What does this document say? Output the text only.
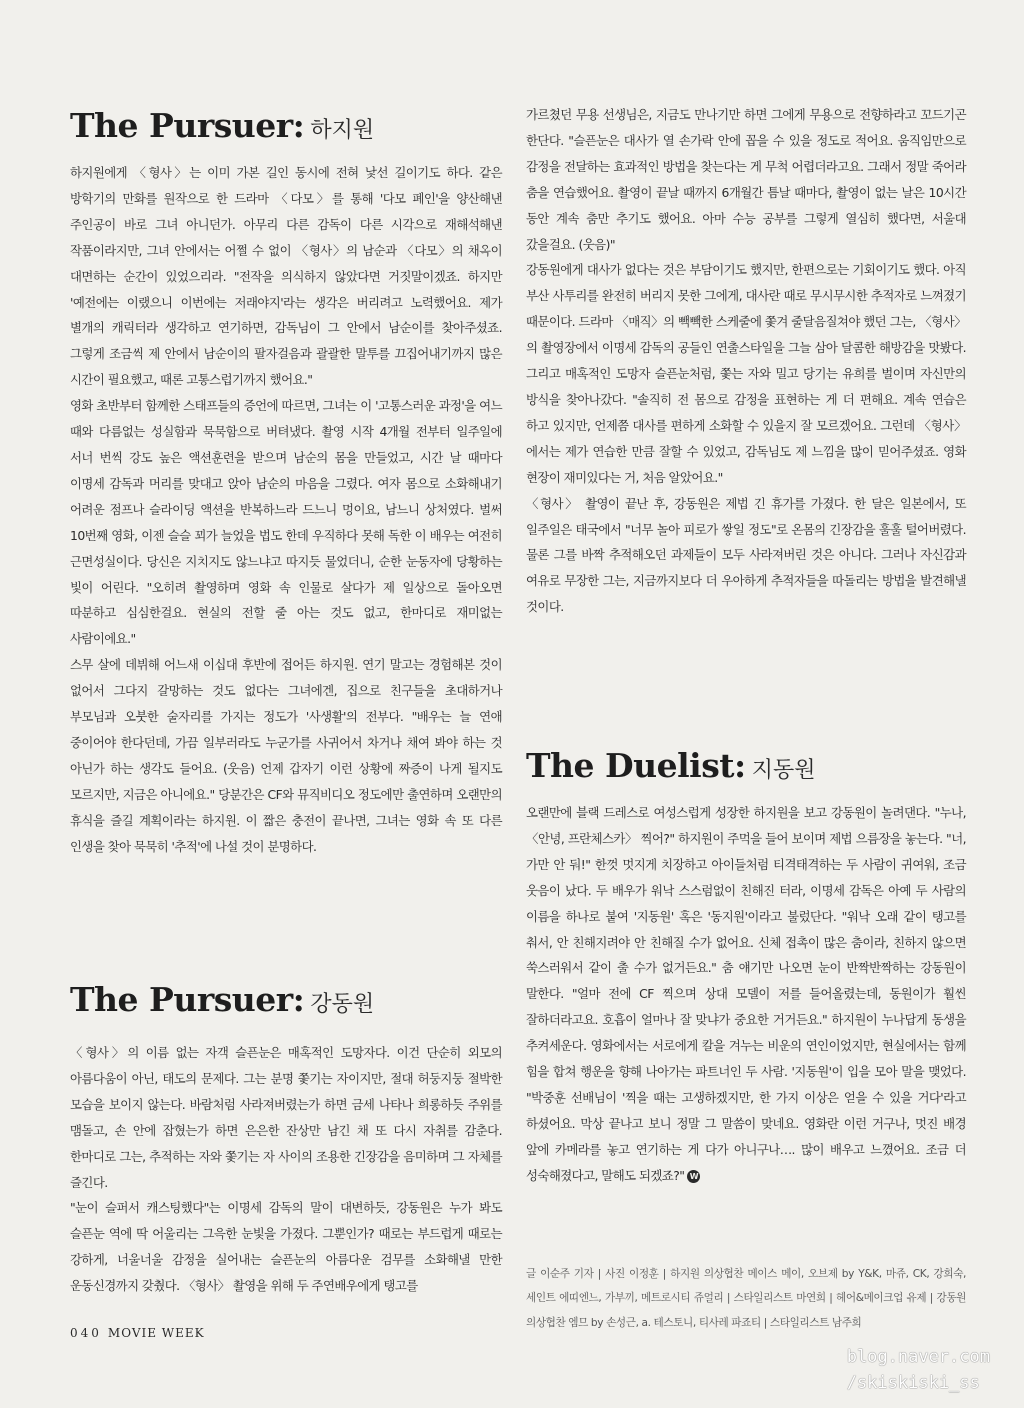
The Pursuer: 하지원

하지원에게 〈형사〉는 이미 가본 길인 동시에 전혀 낯선 길이기도 하다. 같은 방학기의 만화를 원작으로 한 드라마 〈다모〉를 통해 '다모 폐인'을 양산해낸 주인공이 바로 그녀 아니던가. 아무리 다른 감독이 다른 시각으로 재해석해낸 작품이라지만, 그녀 안에서는 어쩔 수 없이 〈형사〉의 남순과 〈다모〉의 채옥이 대면하는 순간이 있었으리라. "전작을 의식하지 않았다면 거짓말이겠죠. 하지만 '예전에는 이랬으니 이번에는 저래야지'라는 생각은 버리려고 노력했어요. 제가 별개의 캐릭터라 생각하고 연기하면, 감독님이 그 안에서 남순이를 찾아주셨죠. 그렇게 조금씩 제 안에서 남순이의 팔자걸음과 괄괄한 말투를 끄집어내기까지 많은 시간이 필요했고, 때론 고통스럽기까지 했어요."

영화 초반부터 함께한 스태프들의 증언에 따르면, 그녀는 이 '고통스러운 과정'을 여느 때와 다름없는 성실함과 묵묵함으로 버텨냈다. 촬영 시작 4개월 전부터 일주일에 서너 번씩 강도 높은 액션훈련을 받으며 남순의 몸을 만들었고, 시간 날 때마다 이명세 감독과 머리를 맞대고 앉아 남순의 마음을 그렸다. 여자 몸으로 소화해내기 어려운 점프나 슬라이딩 액션을 반복하느라 드느니 멍이요, 남느니 상처였다. 벌써 10번째 영화, 이젠 슬슬 꾀가 늘었을 법도 한데 우직하다 못해 독한 이 배우는 여전히 근면성실이다. 당신은 지치지도 않느냐고 따지듯 물었더니, 순한 눈동자에 당황하는 빛이 어린다. "오히려 촬영하며 영화 속 인물로 살다가 제 일상으로 돌아오면 따분하고 심심한걸요. 현실의 전할 줄 아는 것도 없고, 한마디로 재미없는 사람이에요."

스무 살에 데뷔해 어느새 이십대 후반에 접어든 하지원. 연기 말고는 경험해본 것이 없어서 그다지 갈망하는 것도 없다는 그녀에겐, 집으로 친구들을 초대하거나 부모님과 오붓한 술자리를 가지는 정도가 '사생활'의 전부다. "배우는 늘 연애 중이어야 한다던데, 가끔 일부러라도 누군가를 사귀어서 차거나 채여 봐야 하는 것 아닌가 하는 생각도 들어요. (웃음) 언제 갑자기 이런 상황에 짜증이 나게 될지도 모르지만, 지금은 아니에요." 당분간은 CF와 뮤직비디오 정도에만 출연하며 오랜만의 휴식을 즐길 계획이라는 하지원. 이 짧은 충전이 끝나면, 그녀는 영화 속 또 다른 인생을 찾아 묵묵히 '추적'에 나설 것이 분명하다.

The Pursuer: 강동원

〈형사〉의 이름 없는 자객 슬픈눈은 매혹적인 도망자다. 이건 단순히 외모의 아름다움이 아닌, 태도의 문제다. 그는 분명 쫓기는 자이지만, 절대 허둥지둥 절박한 모습을 보이지 않는다. 바람처럼 사라져버렸는가 하면 금세 나타나 희롱하듯 주위를 맴돌고, 손 안에 잡혔는가 하면 은은한 잔상만 남긴 채 또 다시 자취를 감춘다. 한마디로 그는, 추적하는 자와 쫓기는 자 사이의 조용한 긴장감을 음미하며 그 자체를 즐긴다.

"눈이 슬퍼서 캐스팅했다"는 이명세 감독의 말이 대변하듯, 강동원은 누가 봐도 슬픈눈 역에 딱 어울리는 그윽한 눈빛을 가졌다. 그뿐인가? 때로는 부드럽게 때로는 강하게, 너울너울 감정을 실어내는 슬픈눈의 아름다운 검무를 소화해낼 만한 운동신경까지 갖췄다. 〈형사〉 촬영을 위해 두 주연배우에게 탱고를

040 MOVIE WEEK

가르쳤던 무용 선생님은, 지금도 만나기만 하면 그에게 무용으로 전향하라고 꼬드기곤 한단다. "슬픈눈은 대사가 열 손가락 안에 꼽을 수 있을 정도로 적어요. 움직임만으로 감정을 전달하는 효과적인 방법을 찾는다는 게 무척 어렵더라고요. 그래서 정말 죽어라 춤을 연습했어요. 촬영이 끝날 때까지 6개월간 틈날 때마다, 촬영이 없는 날은 10시간 동안 계속 춤만 추기도 했어요. 아마 수능 공부를 그렇게 열심히 했다면, 서울대 갔을걸요. (웃음)"

강동원에게 대사가 없다는 것은 부담이기도 했지만, 한편으로는 기회이기도 했다. 아직 부산 사투리를 완전히 버리지 못한 그에게, 대사란 때로 무시무시한 추적자로 느껴졌기 때문이다. 드라마 〈매직〉의 빽빽한 스케줄에 쫓겨 줄달음질쳐야 했던 그는, 〈형사〉의 촬영장에서 이명세 감독의 공들인 연출스타일을 그늘 삼아 달콤한 해방감을 맛봤다. 그리고 매혹적인 도망자 슬픈눈처럼, 쫓는 자와 밀고 당기는 유희를 벌이며 자신만의 방식을 찾아나갔다. "솔직히 전 몸으로 감정을 표현하는 게 더 편해요. 계속 연습은 하고 있지만, 언제쯤 대사를 편하게 소화할 수 있을지 잘 모르겠어요. 그런데 〈형사〉에서는 제가 연습한 만큼 잘할 수 있었고, 감독님도 제 느낌을 많이 믿어주셨죠. 영화 현장이 재미있다는 거, 처음 알았어요."

〈형사〉 촬영이 끝난 후, 강동원은 제법 긴 휴가를 가졌다. 한 달은 일본에서, 또 일주일은 태국에서 "너무 놀아 피로가 쌓일 정도"로 온몸의 긴장감을 훌훌 털어버렸다. 물론 그를 바짝 추적해오던 과제들이 모두 사라져버린 것은 아니다. 그러나 자신감과 여유로 무장한 그는, 지금까지보다 더 우아하게 추적자들을 따돌리는 방법을 발견해낼 것이다.

The Duelist: 지동원

오랜만에 블랙 드레스로 여성스럽게 성장한 하지원을 보고 강동원이 놀려댄다. "누나, 〈안녕, 프란체스카〉 찍어?" 하지원이 주먹을 들어 보이며 제법 으름장을 놓는다. "너, 가만 안 둬!" 한껏 멋지게 치장하고 아이들처럼 티격태격하는 두 사람이 귀여워, 조금 웃음이 났다. 두 배우가 워낙 스스럼없이 친해진 터라, 이명세 감독은 아예 두 사람의 이름을 하나로 붙여 '지동원' 혹은 '동지원'이라고 불렀단다. "워낙 오래 같이 탱고를 춰서, 안 친해지려야 안 친해질 수가 없어요. 신체 접촉이 많은 춤이라, 친하지 않으면 쑥스러워서 같이 출 수가 없거든요." 춤 얘기만 나오면 눈이 반짝반짝하는 강동원이 말한다. "얼마 전에 CF 찍으며 상대 모델이 저를 들어올렸는데, 동원이가 훨씬 잘하더라고요. 호흡이 얼마나 잘 맞냐가 중요한 거거든요." 하지원이 누나답게 동생을 추켜세운다. 영화에서는 서로에게 칼을 겨누는 비운의 연인이었지만, 현실에서는 함께 힘을 합쳐 행운을 향해 나아가는 파트너인 두 사람. '지동원'이 입을 모아 말을 맺었다. "박중훈 선배님이 '찍을 때는 고생하겠지만, 한 가지 이상은 얻을 수 있을 거다'라고 하셨어요. 막상 끝나고 보니 정말 그 말씀이 맞네요. 영화란 이런 거구나, 멋진 배경 앞에 카메라를 놓고 연기하는 게 다가 아니구나…. 많이 배우고 느꼈어요. 조금 더 성숙해졌다고, 말해도 되겠죠?" W

글 이순주 기자 | 사진 이정훈 | 하지원 의상협찬 메이스 메이, 오브제 by Y&K, 마쥬, CK, 강희숙, 세인트 에띠엔느, 가부끼, 메트로시티 쥬얼리 | 스타일리스트 마연희 | 헤어&메이크업 유제 | 강동원 의상협찬 엠므 by 손성근, a. 테스토니, 티사레 파죠티 | 스타일리스트 남주희
blog.naver.com
/skiskiski_ss
